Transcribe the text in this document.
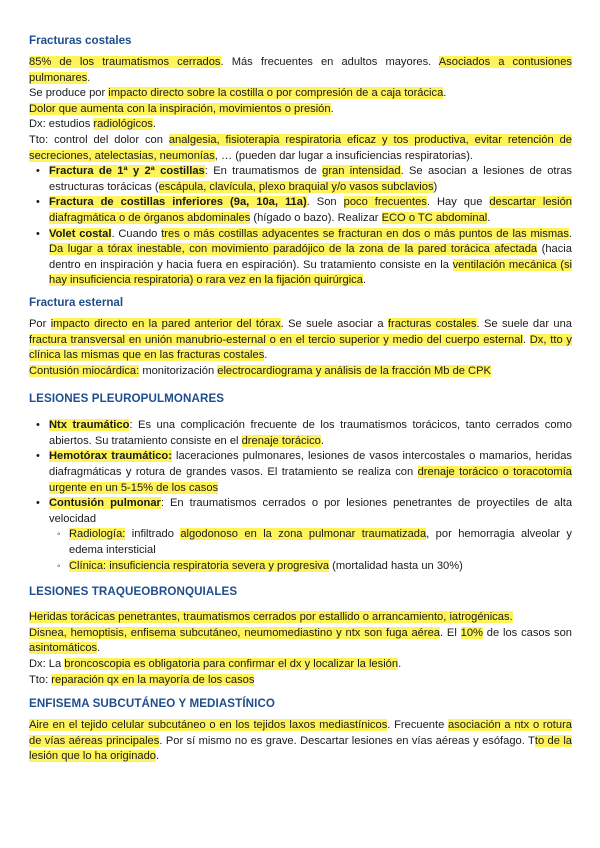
Fracturas costales

85% de los traumatismos cerrados. Más frecuentes en adultos mayores. Asociados a contusiones pulmonares.

Se produce por impacto directo sobre la costilla o por compresión de a caja torácica.

Dolor que aumenta con la inspiración, movimientos o presión.

Dx: estudios radiológicos.

Tto: control del dolor con analgesia, fisioterapia respiratoria eficaz y tos productiva, evitar retención de secreciones, atelectasias, neumonías, … (pueden dar lugar a insuficiencias respiratorias).

• Fractura de 1ª y 2ª costillas: En traumatismos de gran intensidad. Se asocian a lesiones de otras estructuras torácicas (escápula, clavícula, plexo braquial y/o vasos subclavios)
• Fractura de costillas inferiores (9a, 10a, 11a). Son poco frecuentes. Hay que descartar lesión diafragmática o de órganos abdominales (hígado o bazo). Realizar ECO o TC abdominal.
• Volet costal. Cuando tres o más costillas adyacentes se fracturan en dos o más puntos de las mismas. Da lugar a tórax inestable, con movimiento paradójico de la zona de la pared torácica afectada (hacia dentro en inspiración y hacia fuera en espiración). Su tratamiento consiste en la ventilación mecánica (si hay insuficiencia respiratoria) o rara vez en la fijación quirúrgica.
Fractura esternal

Por impacto directo en la pared anterior del tórax. Se suele asociar a fracturas costales. Se suele dar una fractura transversal en unión manubrio-esternal o en el tercio superior y medio del cuerpo esternal. Dx, tto y clínica las mismas que en las fracturas costales.

Contusión miocárdica: monitorización electrocardiograma y análisis de la fracción Mb de CPK

LESIONES PLEUROPULMONARES
• Ntx traumático: Es una complicación frecuente de los traumatismos torácicos, tanto cerrados como abiertos. Su tratamiento consiste en el drenaje torácico.
• Hemotórax traumático: laceraciones pulmonares, lesiones de vasos intercostales o mamarios, heridas diafragmáticas y rotura de grandes vasos. El tratamiento se realiza con drenaje torácico o toracotomía urgente en un 5-15% de los casos
• Contusión pulmonar: En traumatismos cerrados o por lesiones penetrantes de proyectiles de alta velocidad
◦ Radiología: infiltrado algodonoso en la zona pulmonar traumatizada, por hemorragia alveolar y edema intersticial
◦ Clínica: insuficiencia respiratoria severa y progresiva (mortalidad hasta un 30%)
LESIONES TRAQUEOBRONQUIALES

Heridas torácicas penetrantes, traumatismos cerrados por estallido o arrancamiento, iatrogénicas.

Disnea, hemoptisis, enfisema subcutáneo, neumomediastino y ntx son fuga aérea. El 10% de los casos son asintomáticos.

Dx: La broncoscopia es obligatoria para confirmar el dx y localizar la lesión.

Tto: reparación qx en la mayoría de los casos

ENFISEMA SUBCUTÁNEO Y MEDIASTÍNICO

Aire en el tejido celular subcutáneo o en los tejidos laxos mediastínicos. Frecuente asociación a ntx o rotura de vías aéreas principales. Por sí mismo no es grave. Descartar lesiones en vías aéreas y esófago. Tto de la lesión que lo ha originado.
